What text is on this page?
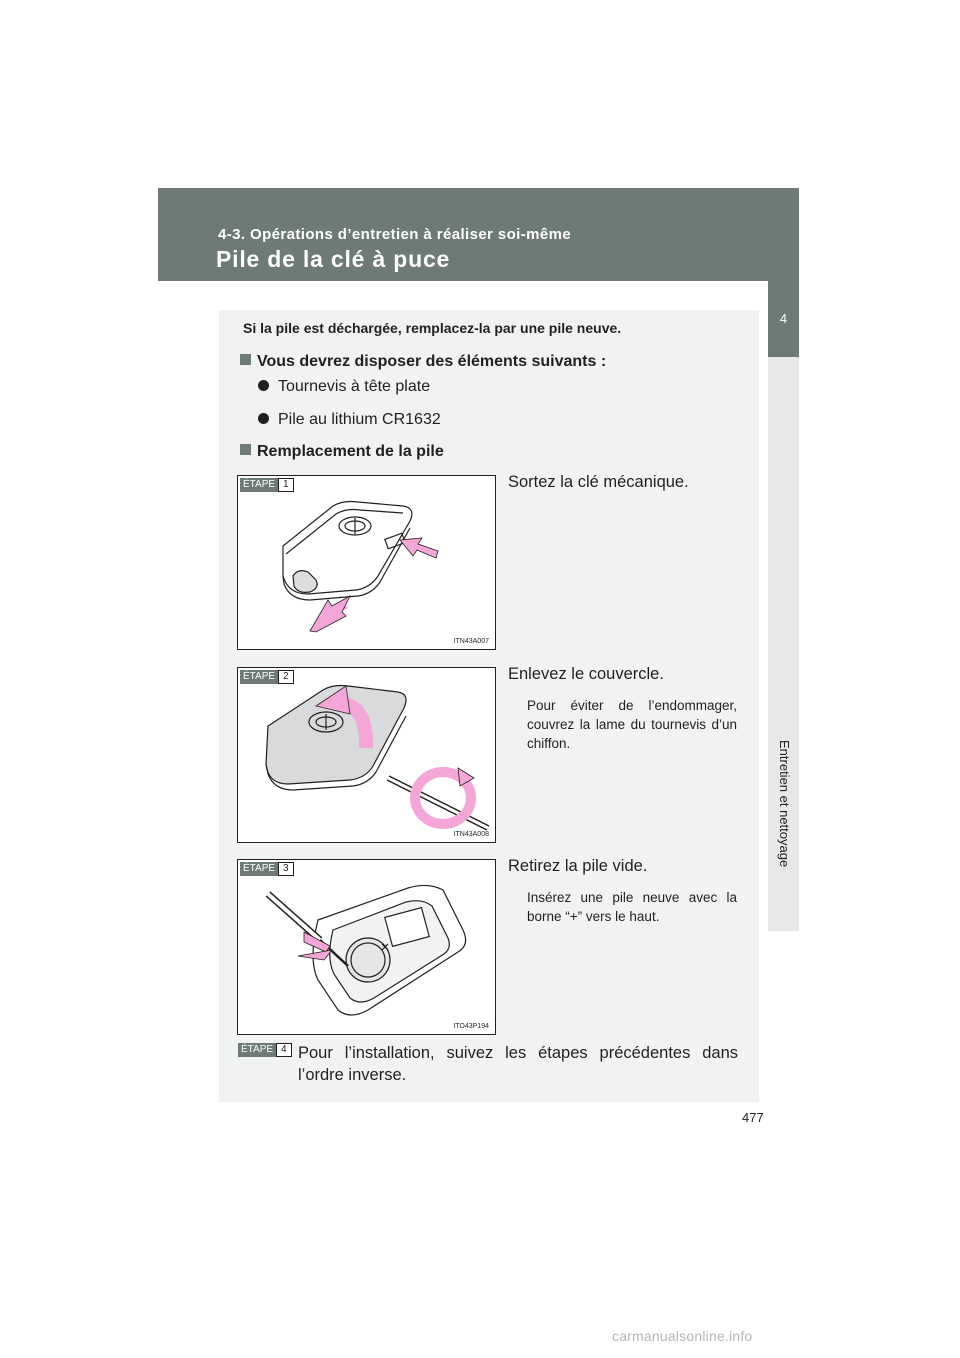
4-3. Opérations d’entretien à réaliser soi-même
Pile de la clé à puce
4
Entretien et nettoyage
Si la pile est déchargée, remplacez-la par une pile neuve.
Vous devrez disposer des éléments suivants :
Tournevis à tête plate
Pile au lithium CR1632
Remplacement de la pile
ÉTAPE 1
ITN43A007
Sortez la clé mécanique.
ÉTAPE 2
ITN43A008
Enlevez le couvercle.
Pour éviter de l’endommager, couvrez la lame du tournevis d’un chiffon.
ÉTAPE 3
ITO43P194
Retirez la pile vide.
Insérez une pile neuve avec la borne “+” vers le haut.
ÉTAPE 4 Pour l’installation, suivez les étapes précédentes dans
l’ordre inverse.
477
carmanualsonline.info
